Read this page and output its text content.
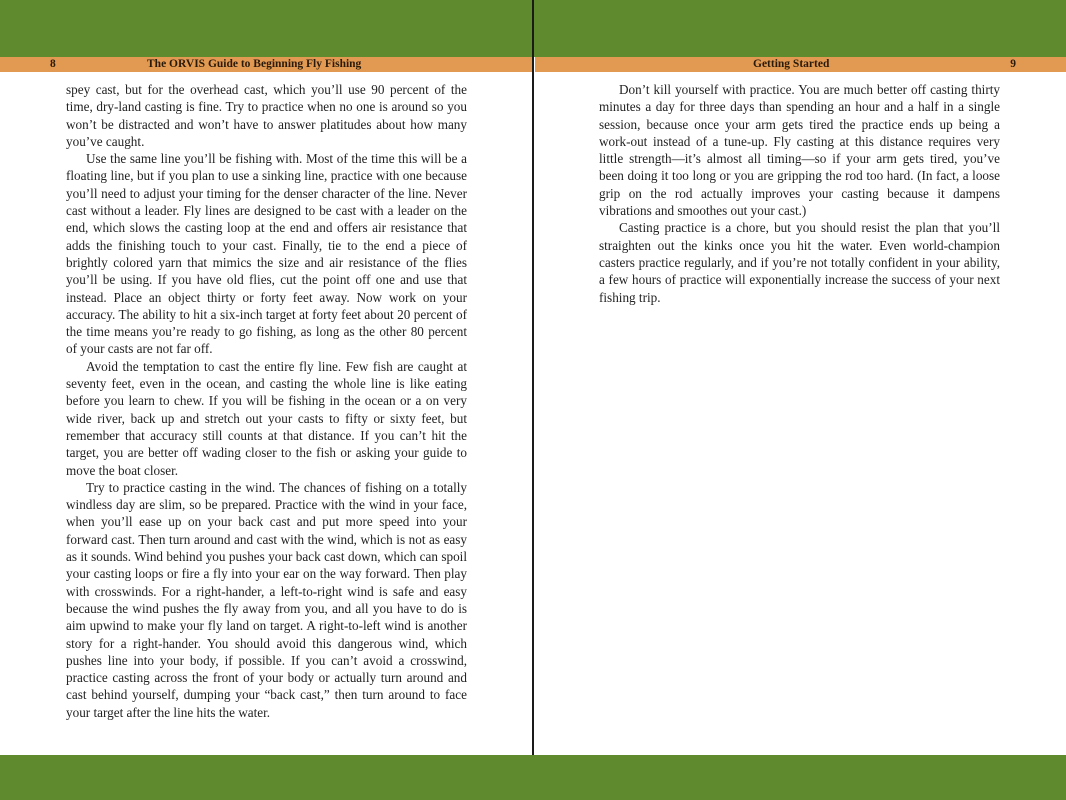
8	The ORVIS Guide to Beginning Fly Fishing	Getting Started	9

spey cast, but for the overhead cast, which you’ll use 90 percent of the time, dry-land casting is fine. Try to practice when no one is around so you won’t be distracted and won’t have to answer platitudes about how many you’ve caught.

Use the same line you’ll be fishing with. Most of the time this will be a floating line, but if you plan to use a sinking line, practice with one because you’ll need to adjust your timing for the denser character of the line. Never cast without a leader. Fly lines are designed to be cast with a leader on the end, which slows the casting loop at the end and offers air resistance that adds the finishing touch to your cast. Finally, tie to the end a piece of brightly colored yarn that mimics the size and air resistance of the flies you’ll be using. If you have old flies, cut the point off one and use that instead. Place an object thirty or forty feet away. Now work on your accuracy. The ability to hit a six-inch target at forty feet about 20 percent of the time means you’re ready to go fishing, as long as the other 80 percent of your casts are not far off.

Avoid the temptation to cast the entire fly line. Few fish are caught at seventy feet, even in the ocean, and casting the whole line is like eating before you learn to chew. If you will be fishing in the ocean or a on very wide river, back up and stretch out your casts to fifty or sixty feet, but remember that accuracy still counts at that distance. If you can’t hit the target, you are better off wading closer to the fish or asking your guide to move the boat closer.

Try to practice casting in the wind. The chances of fishing on a totally windless day are slim, so be prepared. Practice with the wind in your face, when you’ll ease up on your back cast and put more speed into your forward cast. Then turn around and cast with the wind, which is not as easy as it sounds. Wind behind you pushes your back cast down, which can spoil your casting loops or fire a fly into your ear on the way forward. Then play with crosswinds. For a right-hander, a left-to-right wind is safe and easy because the wind pushes the fly away from you, and all you have to do is aim upwind to make your fly land on target. A right-to-left wind is another story for a right-hander. You should avoid this dangerous wind, which pushes line into your body, if possible. If you can’t avoid a crosswind, practice casting across the front of your body or actually turn around and cast behind yourself, dumping your “back cast,” then turn around to face your target after the line hits the water.

Don’t kill yourself with practice. You are much better off casting thirty minutes a day for three days than spending an hour and a half in a single session, because once your arm gets tired the practice ends up being a work-out instead of a tune-up. Fly casting at this distance requires very little strength—it’s almost all timing—so if your arm gets tired, you’ve been doing it too long or you are gripping the rod too hard. (In fact, a loose grip on the rod actually improves your casting because it dampens vibrations and smoothes out your cast.)

Casting practice is a chore, but you should resist the plan that you’ll straighten out the kinks once you hit the water. Even world-champion casters practice regularly, and if you’re not totally confident in your ability, a few hours of practice will exponentially increase the success of your next fishing trip.
